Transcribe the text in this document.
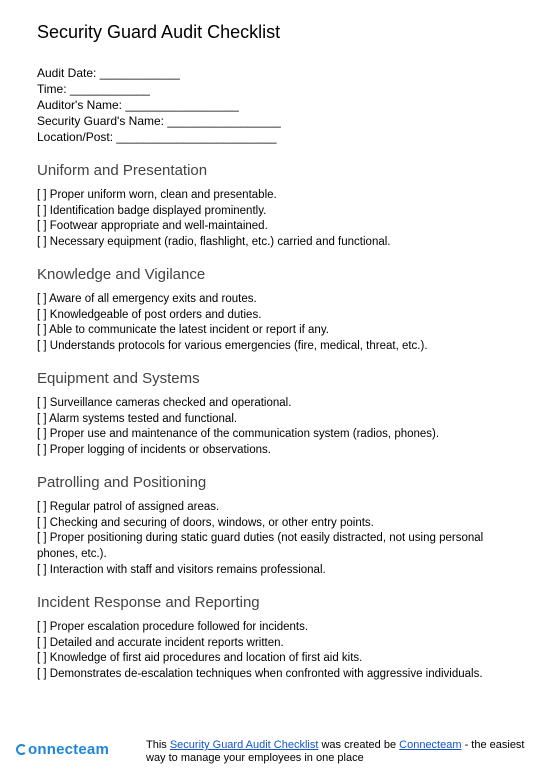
Security Guard Audit Checklist
Audit Date: ____________
Time: ____________
Auditor's Name: _________________
Security Guard's Name: _________________
Location/Post: ________________________
Uniform and Presentation
[ ] Proper uniform worn, clean and presentable.
[ ] Identification badge displayed prominently.
[ ] Footwear appropriate and well-maintained.
[ ] Necessary equipment (radio, flashlight, etc.) carried and functional.
Knowledge and Vigilance
[ ] Aware of all emergency exits and routes.
[ ] Knowledgeable of post orders and duties.
[ ] Able to communicate the latest incident or report if any.
[ ] Understands protocols for various emergencies (fire, medical, threat, etc.).
Equipment and Systems
[ ] Surveillance cameras checked and operational.
[ ] Alarm systems tested and functional.
[ ] Proper use and maintenance of the communication system (radios, phones).
[ ] Proper logging of incidents or observations.
Patrolling and Positioning
[ ] Regular patrol of assigned areas.
[ ] Checking and securing of doors, windows, or other entry points.
[ ] Proper positioning during static guard duties (not easily distracted, not using personal phones, etc.).
[ ] Interaction with staff and visitors remains professional.
Incident Response and Reporting
[ ] Proper escalation procedure followed for incidents.
[ ] Detailed and accurate incident reports written.
[ ] Knowledge of first aid procedures and location of first aid kits.
[ ] Demonstrates de-escalation techniques when confronted with aggressive individuals.
onnecteam	This Security Guard Audit Checklist was created be Connecteam - the easiest way to manage your employees in one place
